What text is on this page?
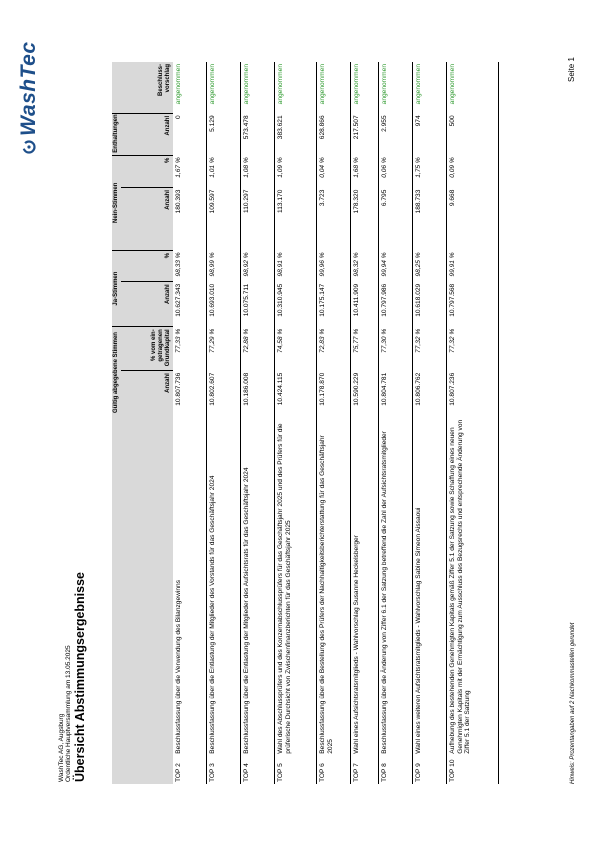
WashTec AG, Augsburg Ordentliche Hauptversammlung am 13.05.2025 Übersicht Abstimmungsergebnisse
WashTec
		Gültig abgegebene Stimmen		Ja-Stimmen		Nein-Stimmen		Enthaltungen	Beschluss-vorschlag
		Anzahl	% vom ein-getragenen Grundkapital	Anzahl	%	Anzahl	%	Anzahl	
TOP 2	Beschlussfassung über die Verwendung des Bilanzgewinns	10.807.736	77,33 %	10.627.343	98,33 %	180.393	1,67 %	0	angenommen
TOP 3	Beschlussfassung über die Entlastung der Mitglieder des Vorstands für das Geschäftsjahr 2024	10.802.607	77,29 %	10.693.010	98,99 %	109.597	1,01 %	5.129	angenommen
TOP 4	Beschlussfassung über die Entlastung der Mitglieder des Aufsichtsrats für das Geschäftsjahr 2024	10.186.008	72,88 %	10.075.711	98,92 %	110.297	1,08 %	573.478	angenommen
TOP 5	Wahl des Abschlussprüfers und des Konzernabschlussprüfers für das Geschäftsjahr 2025 und des Prüfers für die prüferische Durchsicht von Zwischenfinanzberichten für das Geschäftsjahr 2025	10.424.115	74,58 %	10.310.945	98,91 %	113.170	1,09 %	383.621	angenommen
TOP 6	Beschlussfassung über die Bestellung des Prüfers der Nachhaltigkeitsberichterstattung für das Geschäftsjahr 2025	10.178.870	72,83 %	10.175.147	99,96 %	3.723	0,04 %	628.866	angenommen
TOP 7	Wahl eines Aufsichtsratsmitglieds - Wahlvorschlag Susanne Heckelsberger	10.590.229	75,77 %	10.411.909	98,32 %	178.320	1,68 %	217.507	angenommen
TOP 8	Beschlussfassung über die Änderung von Ziffer 6.1 der Satzung betreffend die Zahl der Aufsichtsratsmitglieder	10.804.781	77,30 %	10.797.986	99,94 %	6.795	0,06 %	2.955	angenommen
TOP 9	Wahl eines weiteren Aufsichtsratsmitglieds - Wahlvorschlag Sabine Simeon Aissaoui	10.806.762	77,32 %	10.618.029	98,25 %	188.733	1,75 %	974	angenommen
TOP 10	Aufhebung des bestehenden Genehmigten Kapitals gemäß Ziffer 5.1 der Satzung sowie Schaffung eines neuen Genehmigten Kapitals mit der Ermächtigung zum Ausschluss des Bezugsrechts und entsprechende Änderung von Ziffer 5.1 der Satzung	10.807.236	77,32 %	10.797.568	99,91 %	9.668	0,09 %	500	angenommen
Hinweis: Prozentangaben auf 2 Nachkommastellen gerundet
Seite 1
